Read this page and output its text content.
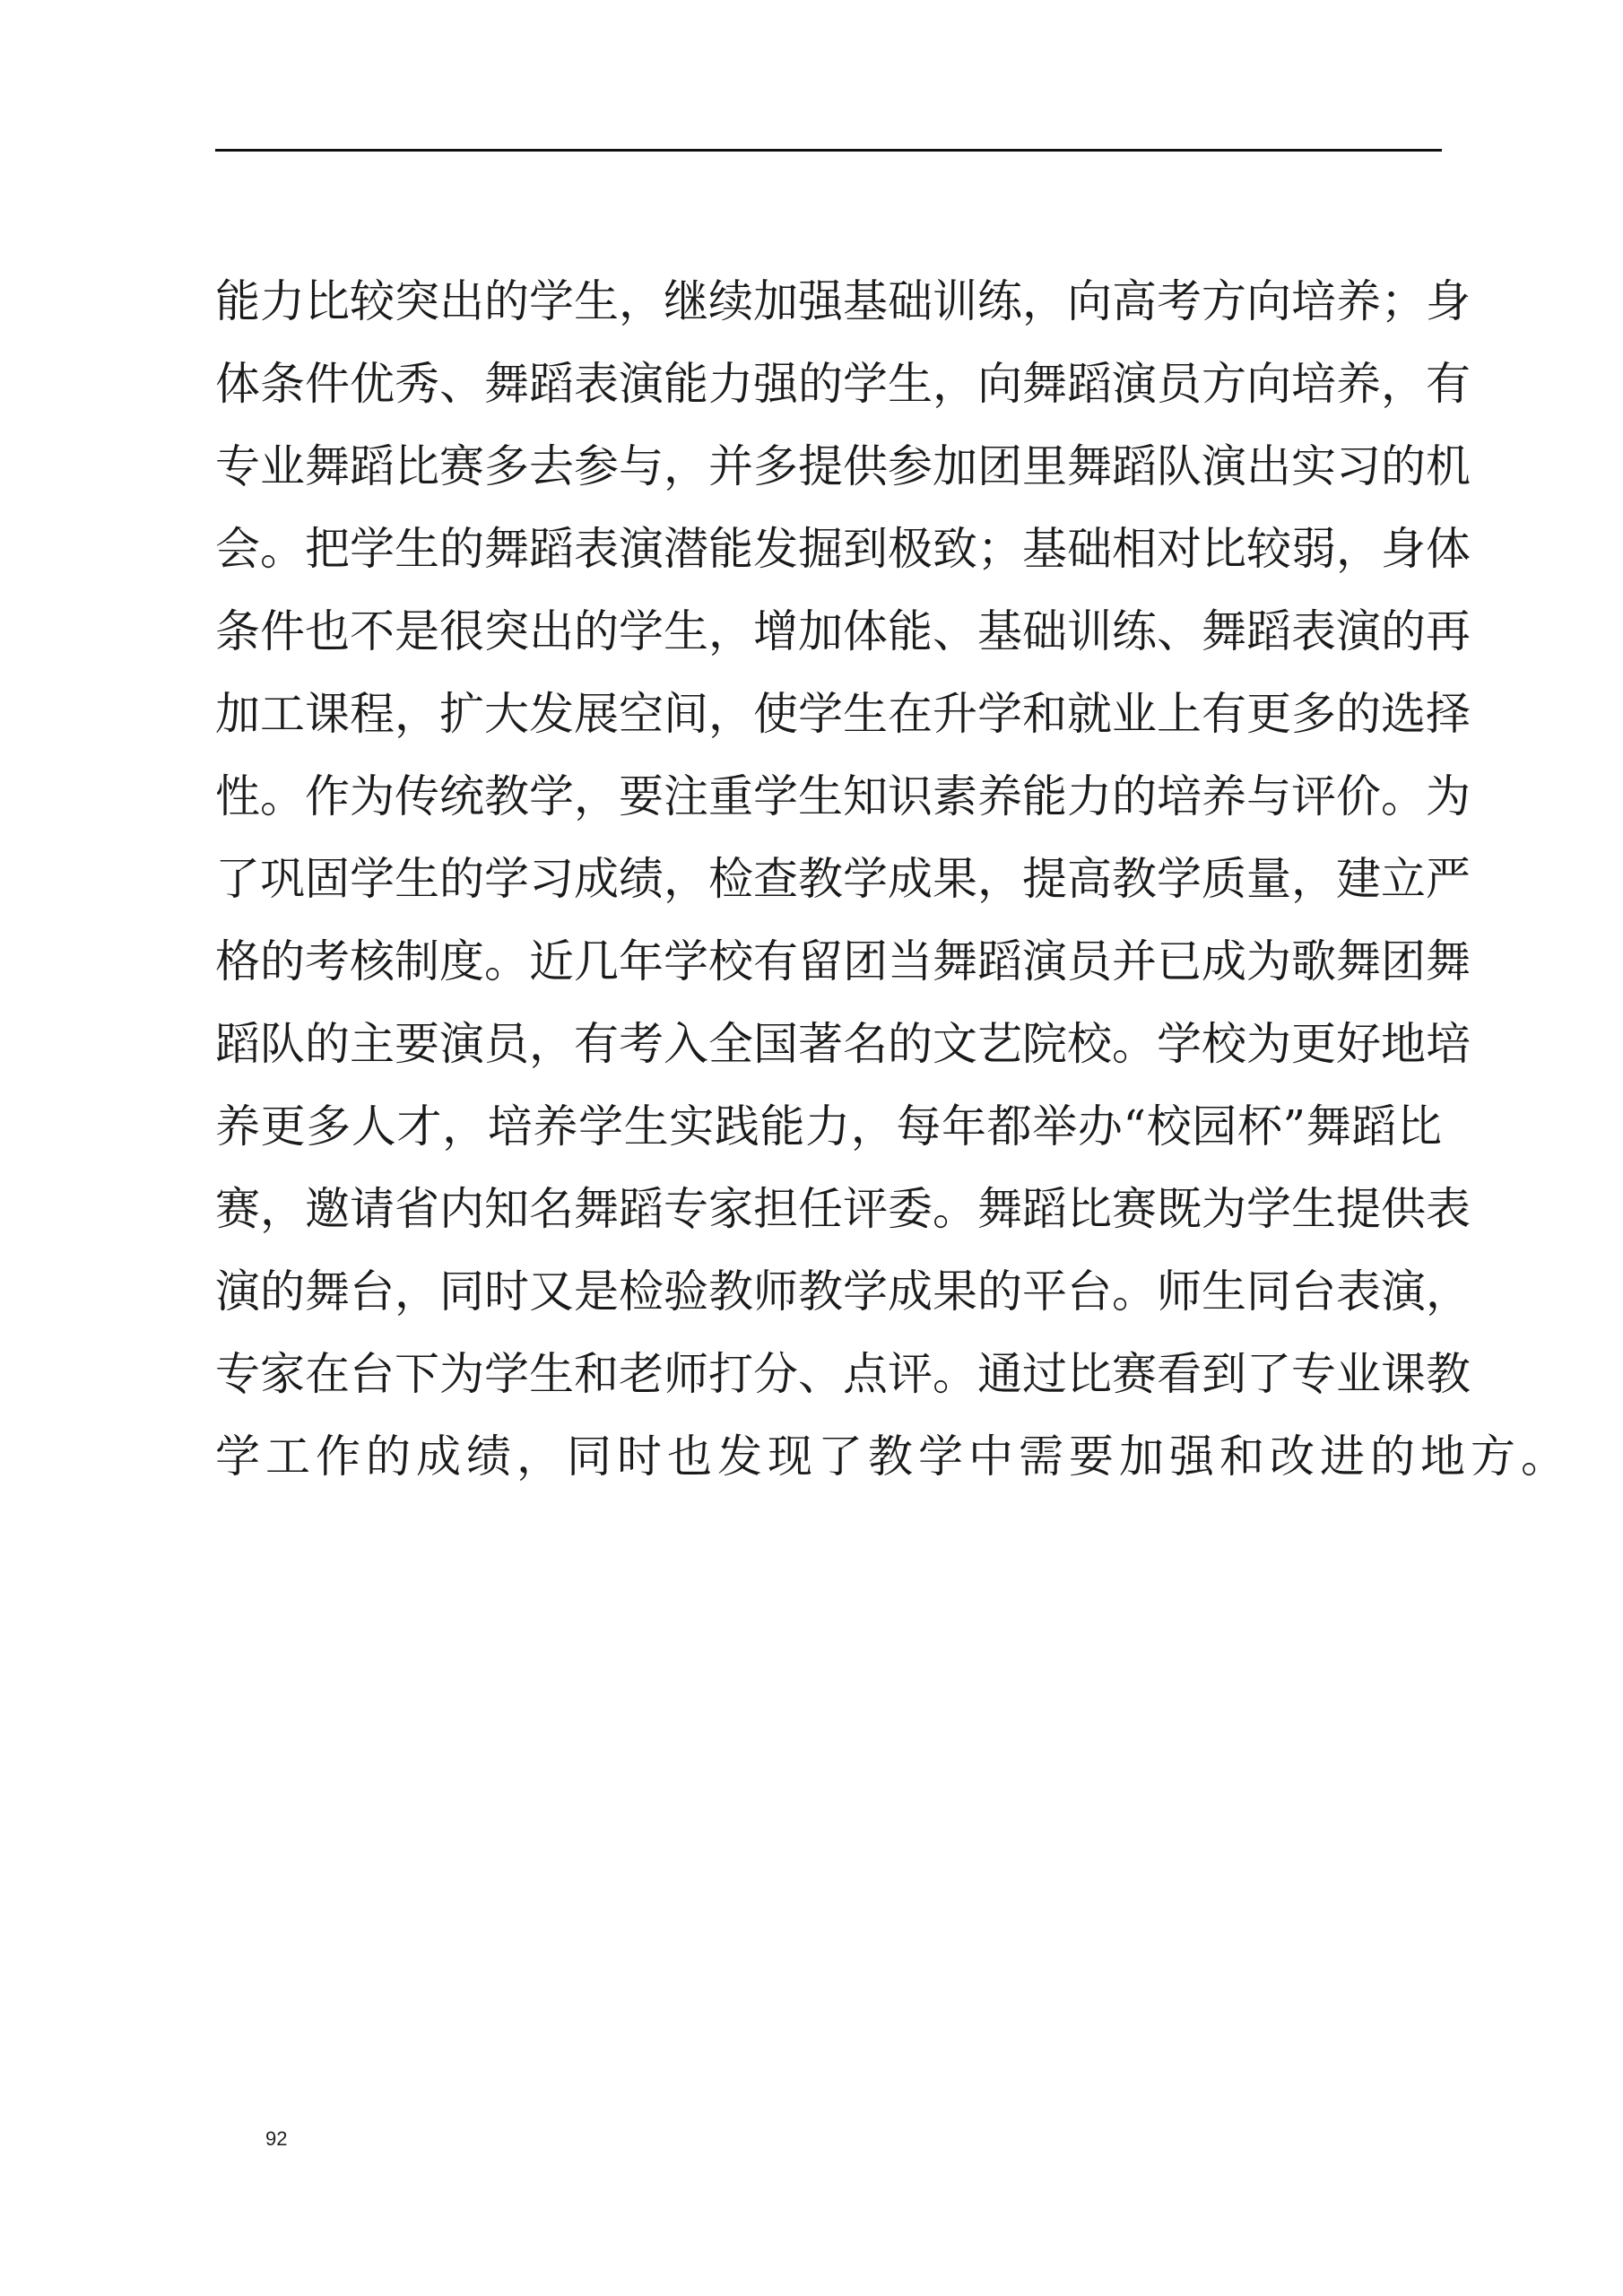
能力比较突出的学生，继续加强基础训练，向高考方向培养；身
体条件优秀、舞蹈表演能力强的学生，向舞蹈演员方向培养，有
专业舞蹈比赛多去参与，并多提供参加团里舞蹈队演出实习的机
会。把学生的舞蹈表演潜能发掘到极致；基础相对比较弱，身体
条件也不是很突出的学生，增加体能、基础训练、舞蹈表演的再
加工课程，扩大发展空间，使学生在升学和就业上有更多的选择
性。作为传统教学，要注重学生知识素养能力的培养与评价。为
了巩固学生的学习成绩，检查教学成果，提高教学质量，建立严
格的考核制度。近几年学校有留团当舞蹈演员并已成为歌舞团舞
蹈队的主要演员，有考入全国著名的文艺院校。学校为更好地培
养更多人才，培养学生实践能力，每年都举办“校园杯”舞蹈比
赛，邀请省内知名舞蹈专家担任评委。舞蹈比赛既为学生提供表
演的舞台，同时又是检验教师教学成果的平台。师生同台表演，
专家在台下为学生和老师打分、点评。通过比赛看到了专业课教
学工作的成绩，同时也发现了教学中需要加强和改进的地方。
92
